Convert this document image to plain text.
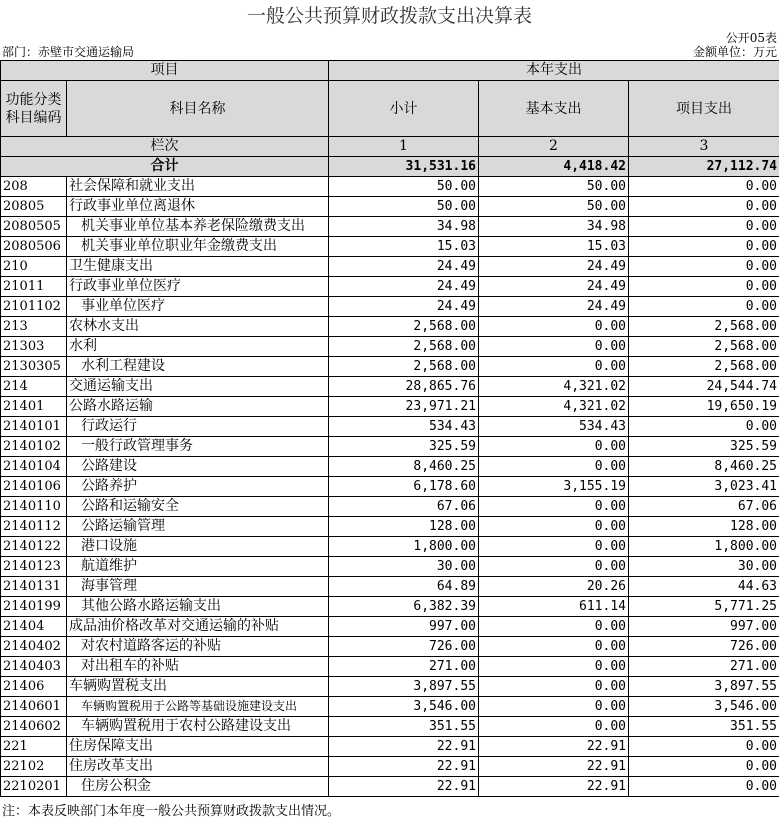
一般公共预算财政拨款支出决算表
公开05表
部门：赤壁市交通运输局	金额单位：万元
项目		本年支出		
功能分类科目编码	科目名称	小计	基本支出	项目支出
栏次		1	2	3
合计		31,531.16	4,418.42	27,112.74
208	社会保障和就业支出	50.00	50.00	0.00
20805	行政事业单位离退休	50.00	50.00	0.00
2080505	机关事业单位基本养老保险缴费支出	34.98	34.98	0.00
2080506	机关事业单位职业年金缴费支出	15.03	15.03	0.00
210	卫生健康支出	24.49	24.49	0.00
21011	行政事业单位医疗	24.49	24.49	0.00
2101102	事业单位医疗	24.49	24.49	0.00
213	农林水支出	2,568.00	0.00	2,568.00
21303	水利	2,568.00	0.00	2,568.00
2130305	水利工程建设	2,568.00	0.00	2,568.00
214	交通运输支出	28,865.76	4,321.02	24,544.74
21401	公路水路运输	23,971.21	4,321.02	19,650.19
2140101	行政运行	534.43	534.43	0.00
2140102	一般行政管理事务	325.59	0.00	325.59
2140104	公路建设	8,460.25	0.00	8,460.25
2140106	公路养护	6,178.60	3,155.19	3,023.41
2140110	公路和运输安全	67.06	0.00	67.06
2140112	公路运输管理	128.00	0.00	128.00
2140122	港口设施	1,800.00	0.00	1,800.00
2140123	航道维护	30.00	0.00	30.00
2140131	海事管理	64.89	20.26	44.63
2140199	其他公路水路运输支出	6,382.39	611.14	5,771.25
21404	成品油价格改革对交通运输的补贴	997.00	0.00	997.00
2140402	对农村道路客运的补贴	726.00	0.00	726.00
2140403	对出租车的补贴	271.00	0.00	271.00
21406	车辆购置税支出	3,897.55	0.00	3,897.55
2140601	车辆购置税用于公路等基础设施建设支出	3,546.00	0.00	3,546.00
2140602	车辆购置税用于农村公路建设支出	351.55	0.00	351.55
221	住房保障支出	22.91	22.91	0.00
22102	住房改革支出	22.91	22.91	0.00
2210201	住房公积金	22.91	22.91	0.00
注：本表反映部门本年度一般公共预算财政拨款支出情况。
